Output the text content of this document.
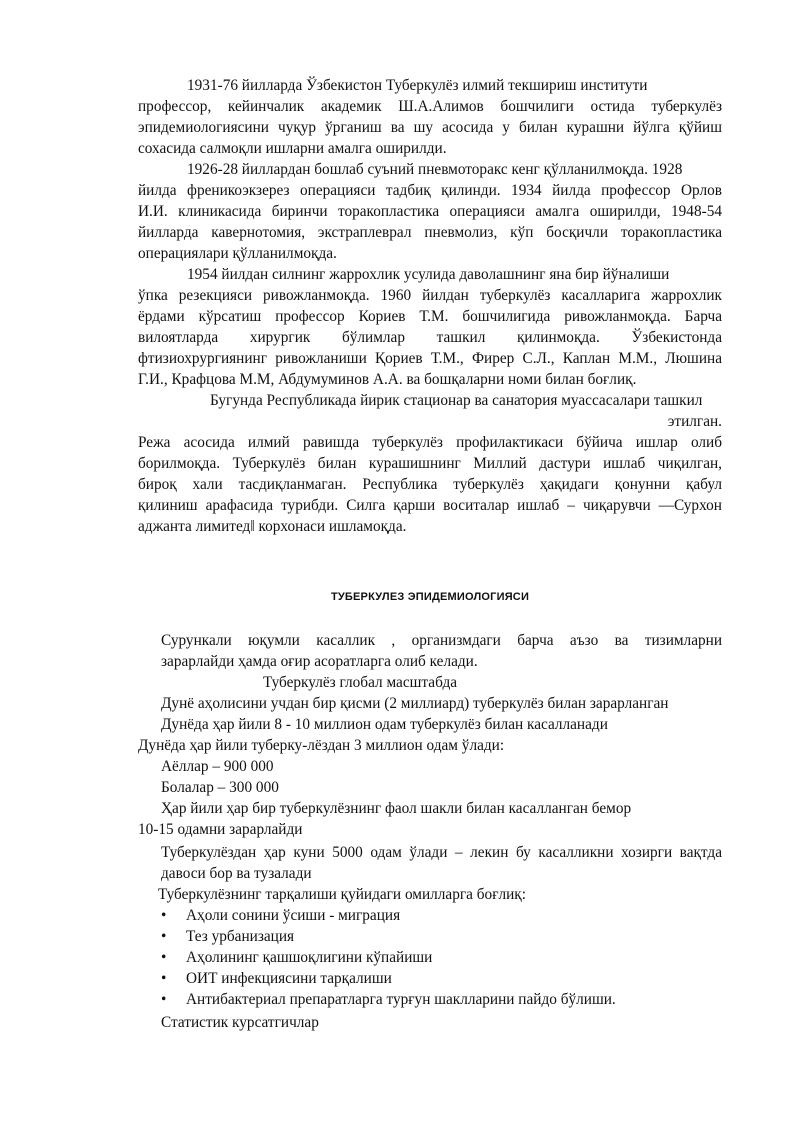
1931-76 йилларда Ўзбекистон Туберкулёз илмий текшириш институти
профессор, кейинчалик академик Ш.А.Алимов бошчилиги остида туберкулёз
эпидемиологиясини чуқур ўрганиш ва шу асосида у билан курашни йўлга қўйиш
сохасида салмоқли ишларни амалга оширилди.
1926-28 йиллардан бошлаб суъний пневмоторакс кенг қўлланилмоқда. 1928
йилда френикоэкзерез операцияси тадбиқ қилинди. 1934 йилда профессор Орлов
И.И. клиникасида биринчи торакопластика операцияси амалга оширилди, 1948-54
йилларда кавернотомия, экстраплеврал пневмолиз, кўп босқичли торакопластика
операциялари қўлланилмоқда.
1954 йилдан силнинг жаррохлик усулида даволашнинг яна бир йўналиши
ўпка резекцияси ривожланмоқда. 1960 йилдан туберкулёз касалларига жаррохлик
ёрдами кўрсатиш профессор Кориев Т.М. бошчилигида ривожланмоқда. Барча
вилоятларда хирургик бўлимлар ташкил қилинмоқда. Ўзбекистонда
фтизиохрургиянинг ривожланиши Қориев Т.М., Фирер С.Л., Каплан М.М., Люшина
Г.И., Крафцова М.М, Абдумуминов А.А. ва бошқаларни номи билан боғлиқ.
Бугунда Республикада йирик стационар ва санатория муассасалари ташкил
этилган.
Режа асосида илмий равишда туберкулёз профилактикаси бўйича ишлар олиб
борилмоқда. Туберкулёз билан курашишнинг Миллий дастури ишлаб чиқилган,
бироқ хали тасдиқланмаган. Республика туберкулёз ҳақидаги қонунни қабул
қилиниш арафасида турибди. Силга қарши воситалар ишлаб – чиқарувчи ―Сурхон
аджанта лимитед‖ корхонаси ишламоқда.
ТУБЕРКУЛЕЗ ЭПИДЕМИОЛОГИЯСИ
Сурункали юқумли касаллик , организмдаги барча аъзо ва тизимларни
зарарлайди ҳамда оғир асоратларга олиб келади.
Туберкулёз глобал масштабда
Дунё аҳолисини учдан бир қисми (2 миллиард) туберкулёз билан зарарланган
Дунёда ҳар йили 8 - 10 миллион одам туберкулёз билан касалланади
Дунёда ҳар йили туберку-лёздан 3 миллион одам ўлади:
Аёллар – 900 000
Болалар – 300 000
Ҳар йили ҳар бир туберкулёзнинг фаол шакли билан касалланган бемор
10-15 одамни зарарлайди
Туберкулёздан ҳар куни 5000 одам ўлади – лекин бу касалликни хозирги вақтда
давоси бор ва тузалади
Туберкулёзнинг тарқалиши қуйидаги омилларга боғлиқ:
• Аҳоли сонини ўсиши - миграция
• Тез урбанизация
• Аҳолининг қашшоқлигини кўпайиши
• ОИТ инфекциясини тарқалиши
• Антибактериал препаратларга турғун шаклларини пайдо бўлиши.
Статистик курсатгичлар
